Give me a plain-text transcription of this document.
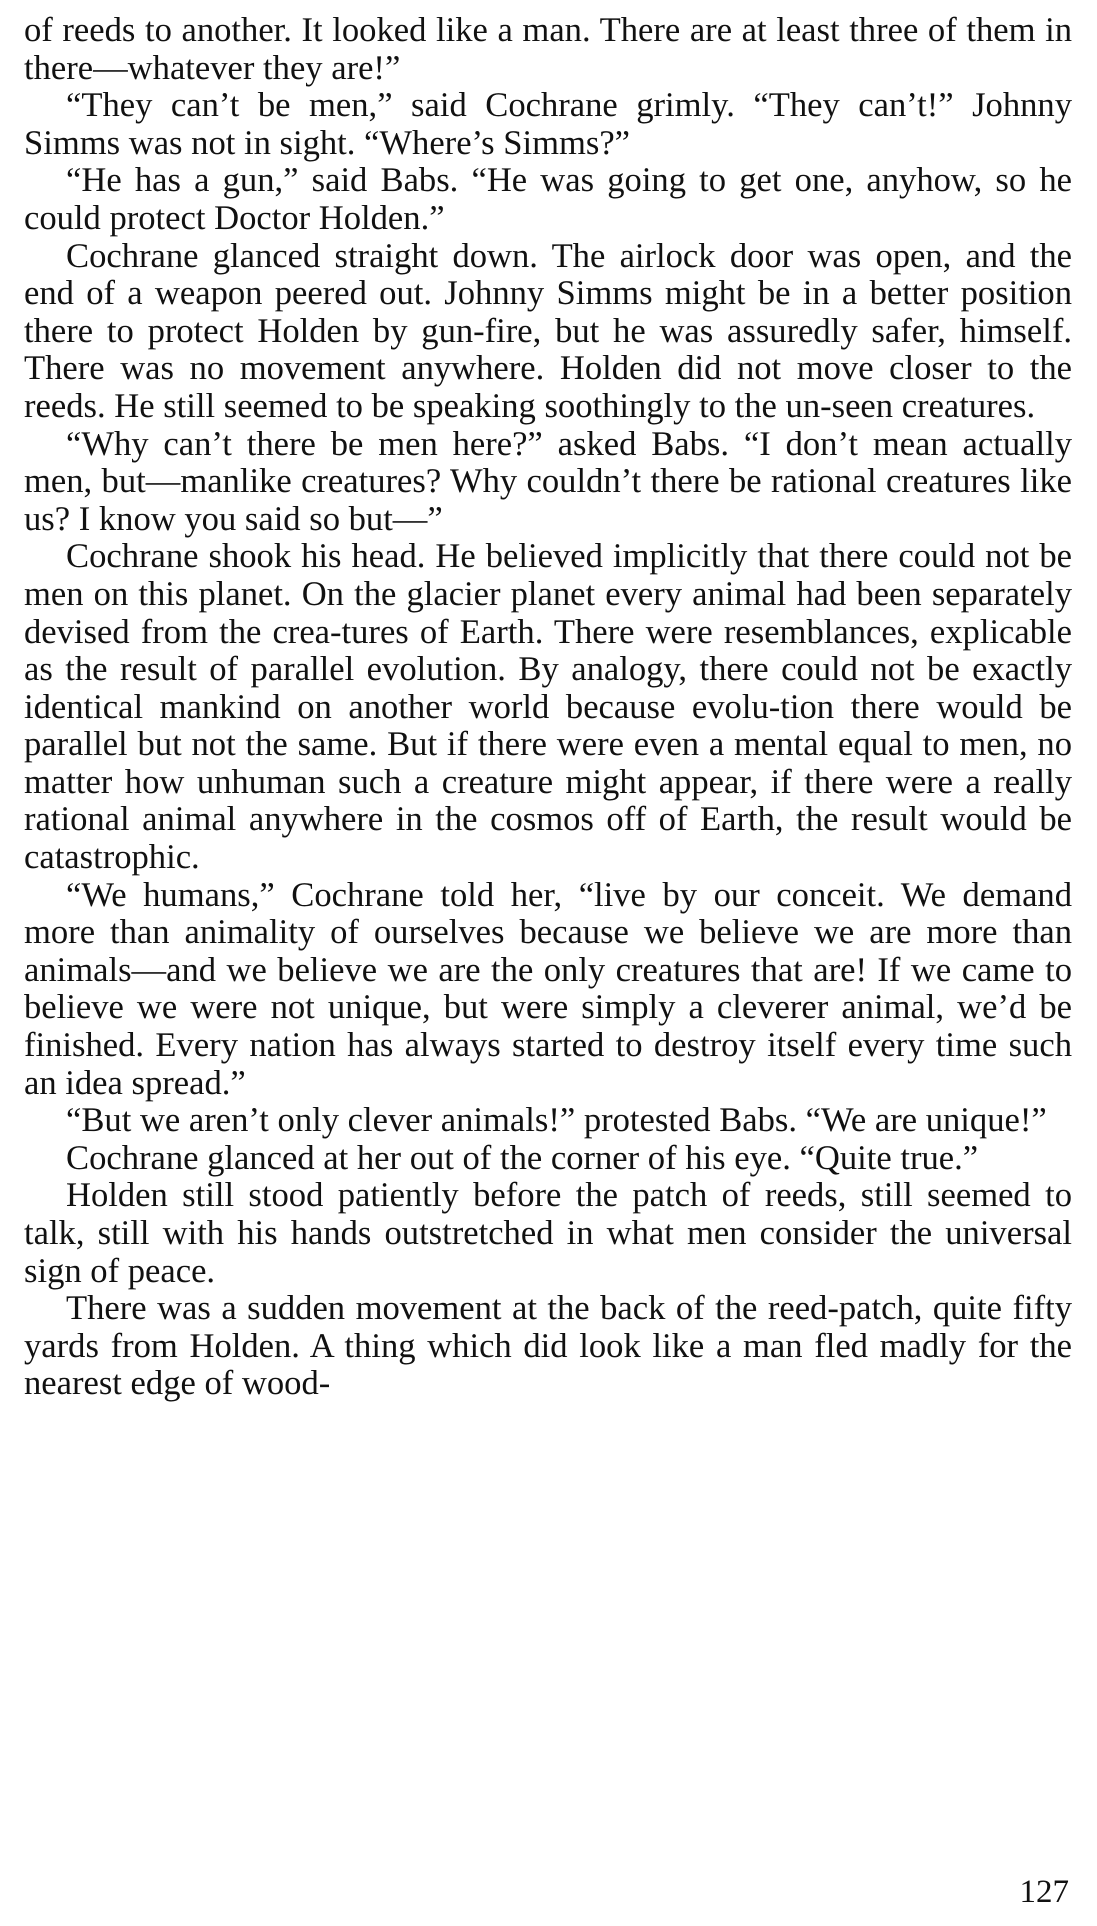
of reeds to another. It looked like a man. There are at least three of them in there—whatever they are!”

“They can’t be men,” said Cochrane grimly. “They can’t!” Johnny Simms was not in sight. “Where’s Simms?”

“He has a gun,” said Babs. “He was going to get one, anyhow, so he could protect Doctor Holden.”

Cochrane glanced straight down. The airlock door was open, and the end of a weapon peered out. Johnny Simms might be in a better position there to protect Holden by gun-fire, but he was assuredly safer, himself. There was no movement anywhere. Holden did not move closer to the reeds. He still seemed to be speaking soothingly to the un-seen creatures.

“Why can’t there be men here?” asked Babs. “I don’t mean actually men, but—manlike creatures? Why couldn’t there be rational creatures like us? I know you said so but—”

Cochrane shook his head. He believed implicitly that there could not be men on this planet. On the glacier planet every animal had been separately devised from the crea-tures of Earth. There were resemblances, explicable as the result of parallel evolution. By analogy, there could not be exactly identical mankind on another world because evolu-tion there would be parallel but not the same. But if there were even a mental equal to men, no matter how unhuman such a creature might appear, if there were a really rational animal anywhere in the cosmos off of Earth, the result would be catastrophic.

“We humans,” Cochrane told her, “live by our conceit. We demand more than animality of ourselves because we believe we are more than animals—and we believe we are the only creatures that are! If we came to believe we were not unique, but were simply a cleverer animal, we’d be finished. Every nation has always started to destroy itself every time such an idea spread.”

“But we aren’t only clever animals!” protested Babs. “We are unique!”

Cochrane glanced at her out of the corner of his eye. “Quite true.”

Holden still stood patiently before the patch of reeds, still seemed to talk, still with his hands outstretched in what men consider the universal sign of peace.

There was a sudden movement at the back of the reed-patch, quite fifty yards from Holden. A thing which did look like a man fled madly for the nearest edge of wood-

127
